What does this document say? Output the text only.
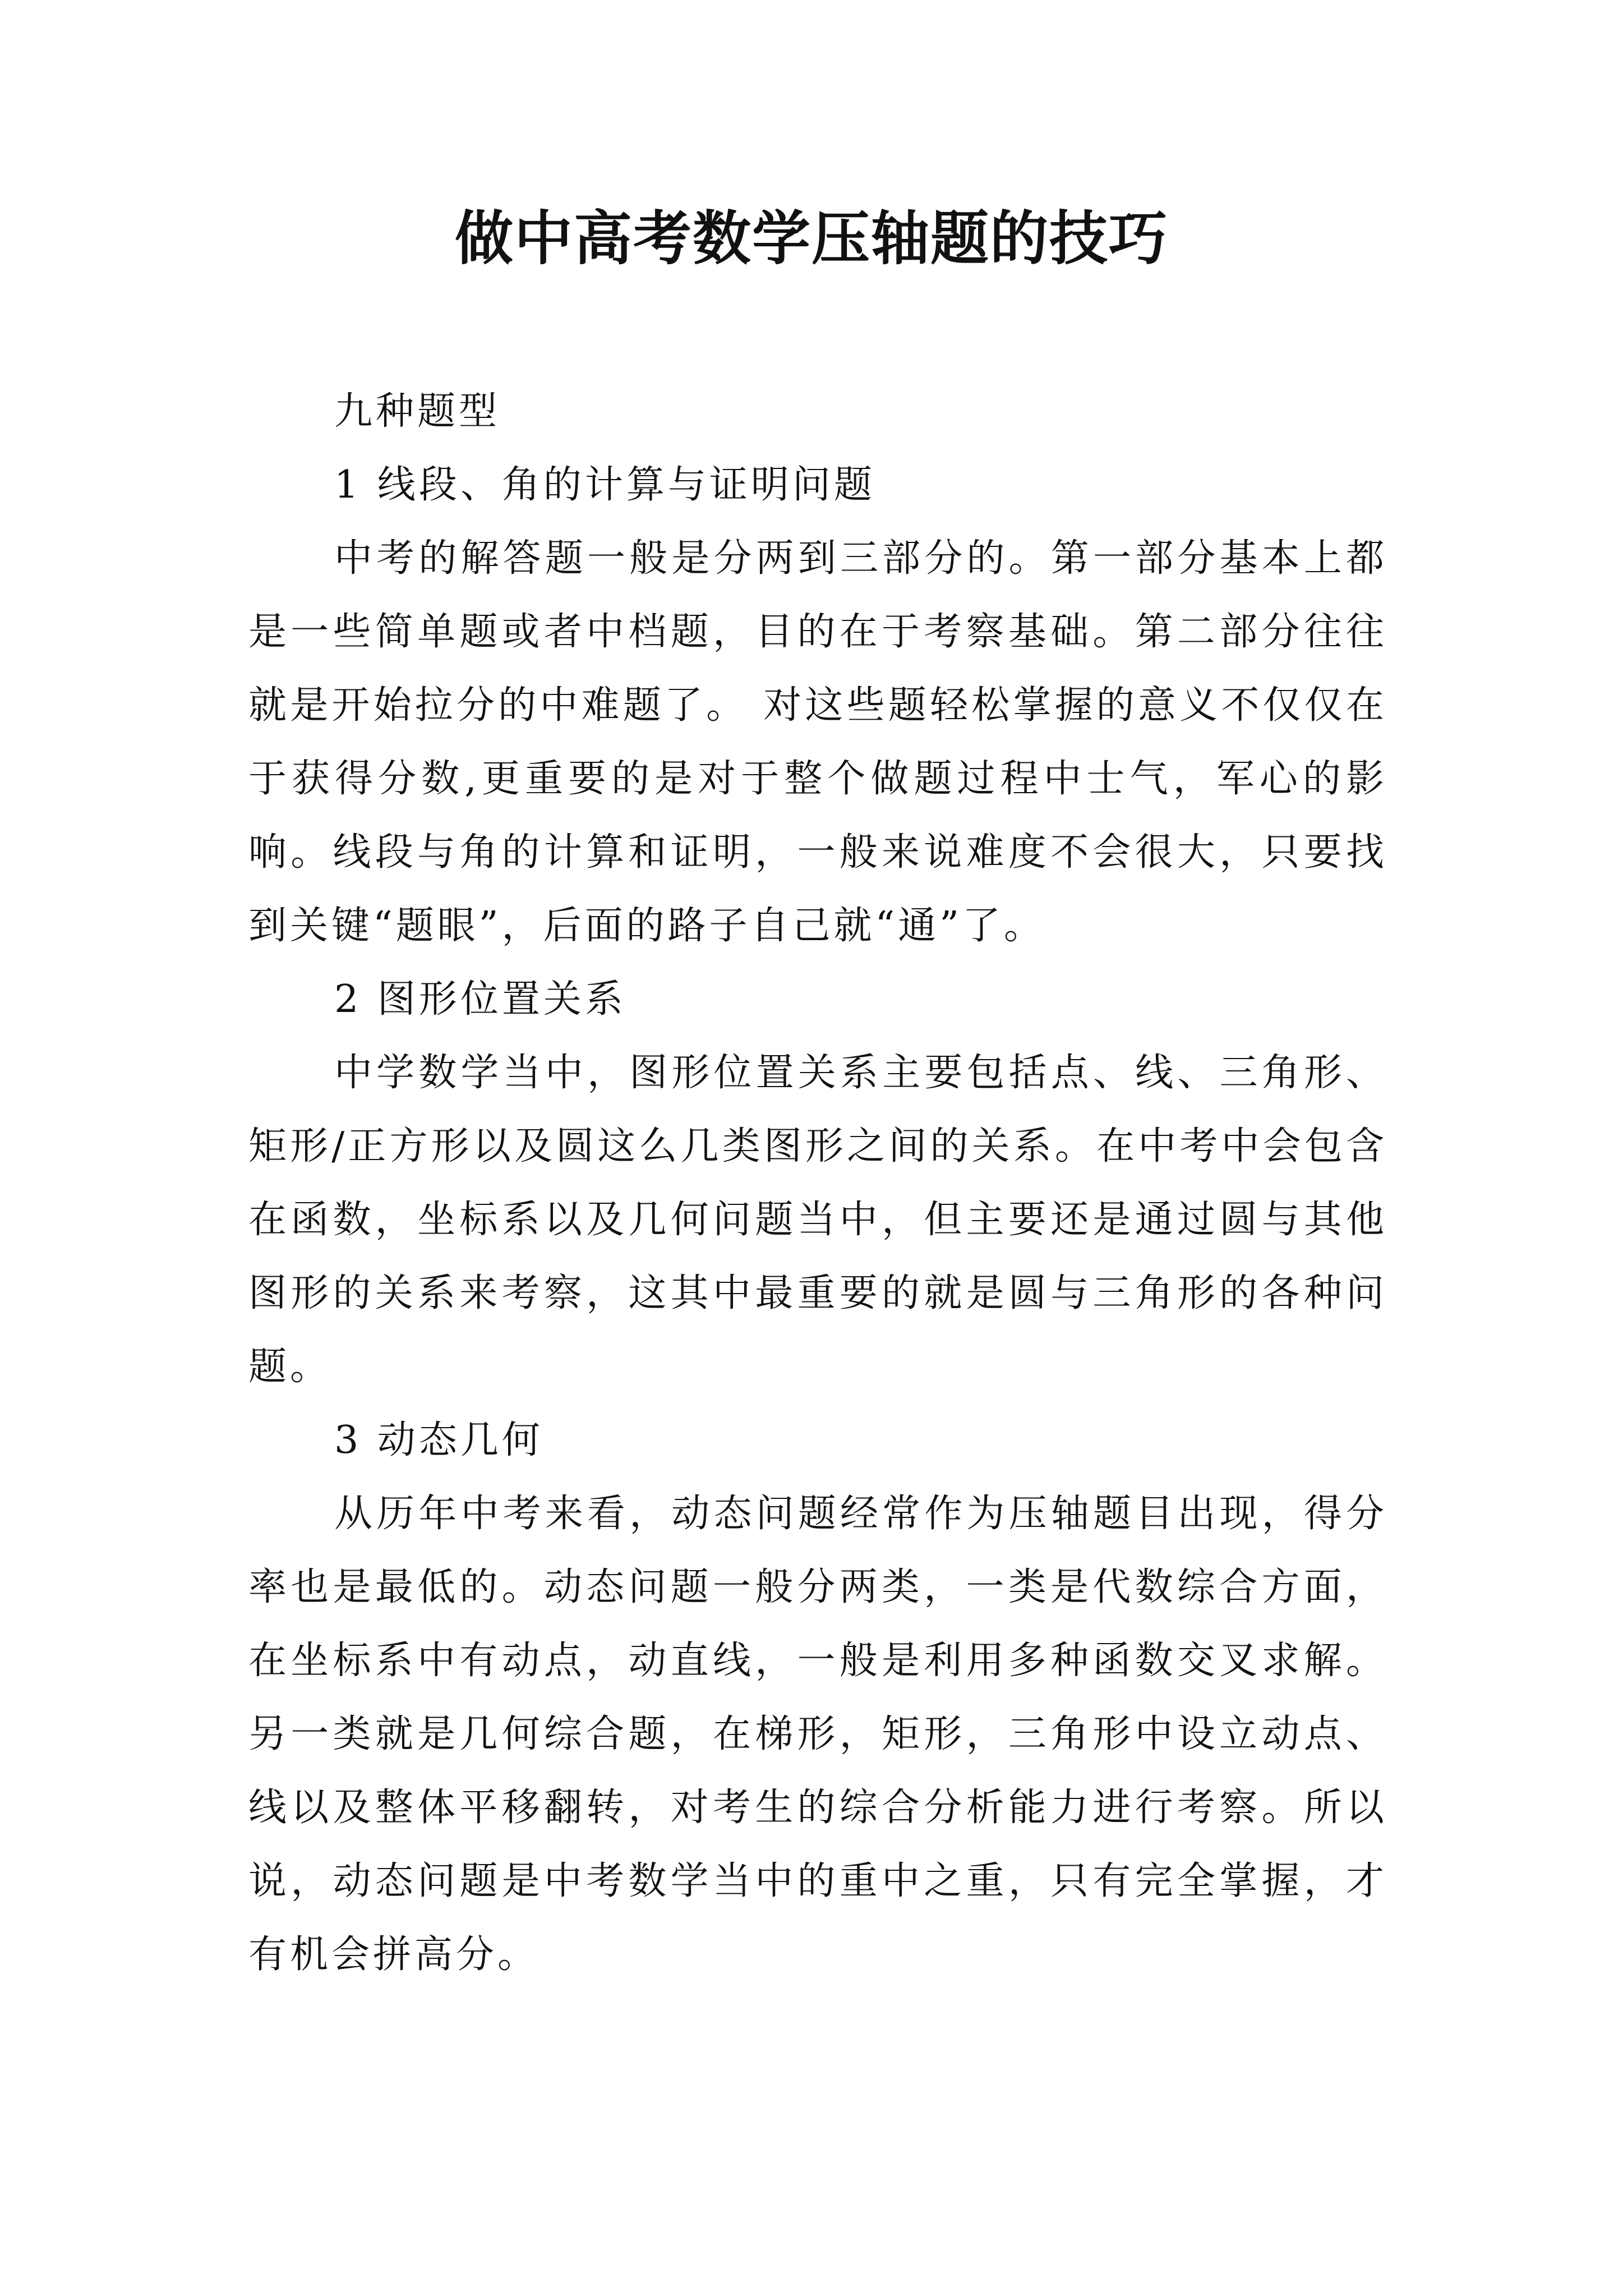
做中高考数学压轴题的技巧

九种题型

1 线段、角的计算与证明问题

中考的解答题一般是分两到三部分的。第一部分基本上都是一些简单题或者中档题，目的在于考察基础。第二部分往往就是开始拉分的中难题了。 对这些题轻松掌握的意义不仅仅在于获得分数,更重要的是对于整个做题过程中士气，军心的影响。线段与角的计算和证明，一般来说难度不会很大，只要找到关键“题眼”，后面的路子自己就“通”了。

2 图形位置关系

中学数学当中，图形位置关系主要包括点、线、三角形、矩形/正方形以及圆这么几类图形之间的关系。在中考中会包含在函数，坐标系以及几何问题当中，但主要还是通过圆与其他图形的关系来考察，这其中最重要的就是圆与三角形的各种问题。

3 动态几何

从历年中考来看，动态问题经常作为压轴题目出现，得分率也是最低的。动态问题一般分两类，一类是代数综合方面，在坐标系中有动点，动直线，一般是利用多种函数交叉求解。另一类就是几何综合题，在梯形，矩形，三角形中设立动点、线以及整体平移翻转，对考生的综合分析能力进行考察。所以说，动态问题是中考数学当中的重中之重，只有完全掌握，才有机会拼高分。
